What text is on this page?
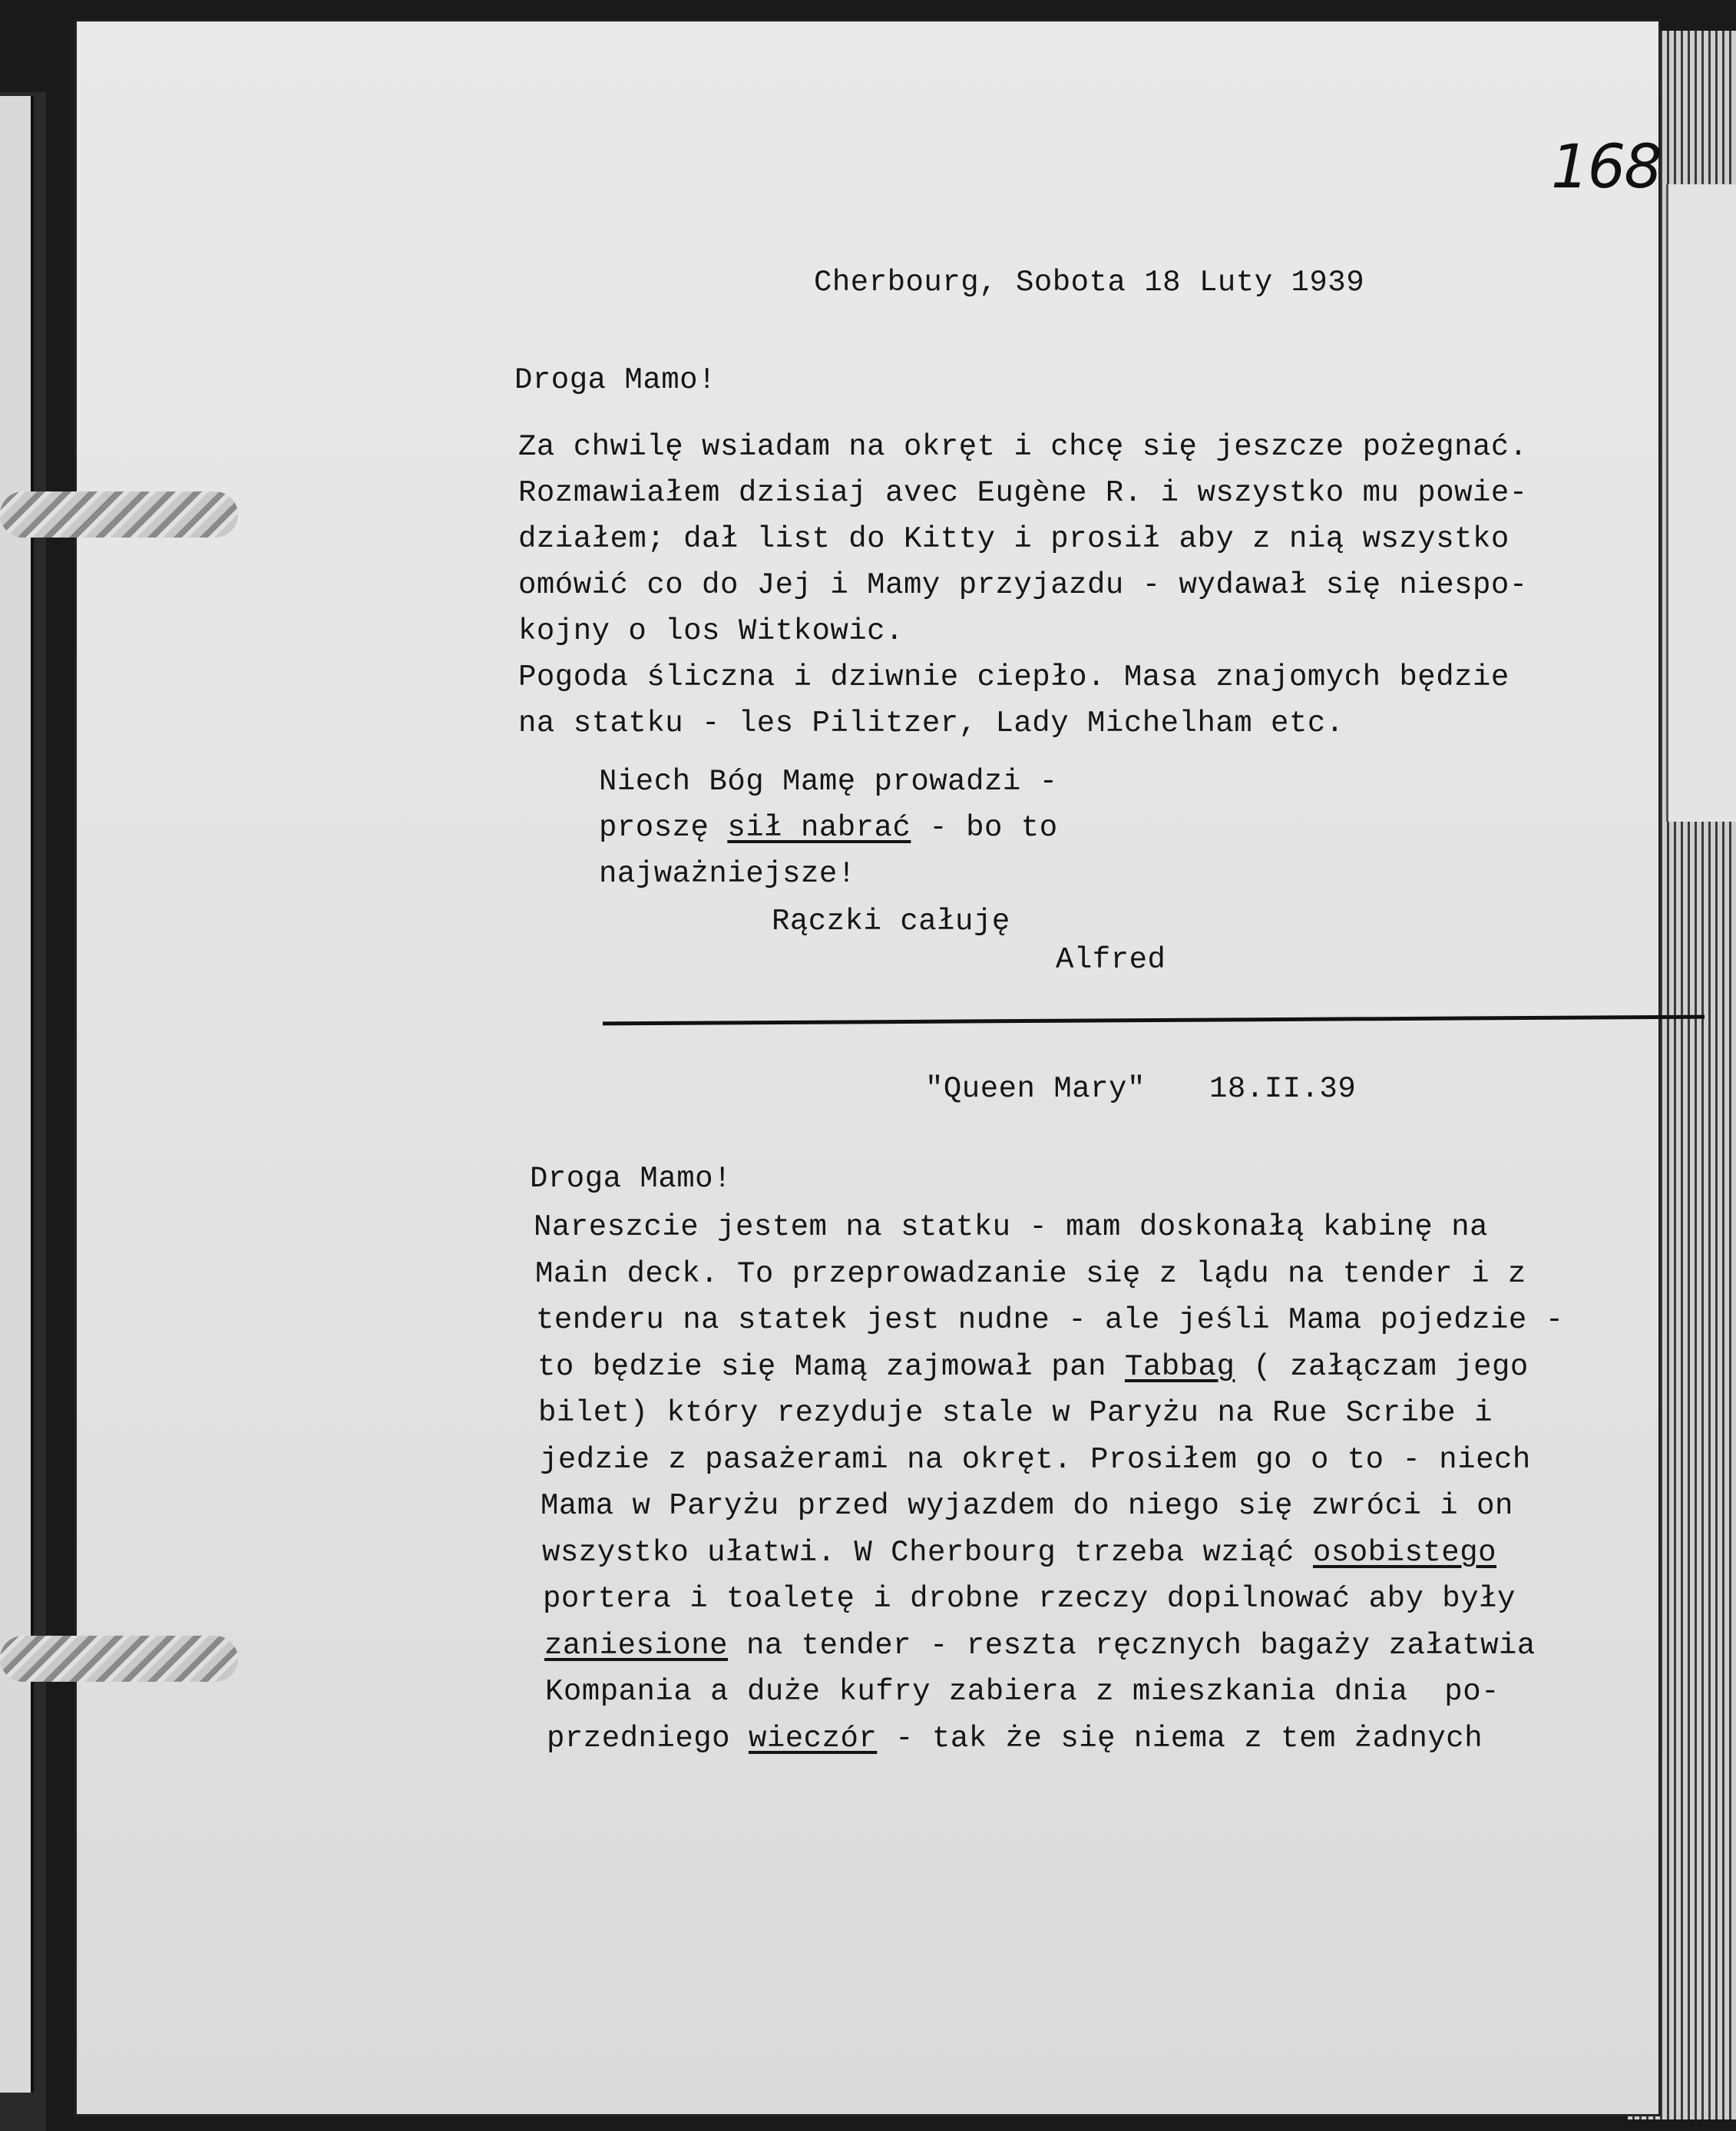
168
Cherbourg, Sobota 18 Luty 1939
Droga Mamo!
Za chwilę wsiadam na okręt i chcę się jeszcze pożegnać.
Rozmawiałem dzisiaj avec Eugène R. i wszystko mu powie-
działem; dał list do Kitty i prosił aby z nią wszystko
omówić co do Jej i Mamy przyjazdu - wydawał się niespo-
kojny o los Witkowic.
Pogoda śliczna i dziwnie ciepło. Masa znajomych będzie
na statku - les Pilitzer, Lady Michelham etc.
Niech Bóg Mamę prowadzi -
proszę sił nabrać - bo to
najważniejsze!
Rączki całuję
Alfred
"Queen Mary" 18.II.39
Droga Mamo!
Nareszcie jestem na statku - mam doskonałą kabinę na
Main deck. To przeprowadzanie się z lądu na tender i z
tenderu na statek jest nudne - ale jeśli Mama pojedzie -
to będzie się Mamą zajmował pan Tabbag ( załączam jego
bilet) który rezyduje stale w Paryżu na Rue Scribe i
jedzie z pasażerami na okręt. Prosiłem go o to - niech
Mama w Paryżu przed wyjazdem do niego się zwróci i on
wszystko ułatwi. W Cherbourg trzeba wziąć osobistego
portera i toaletę i drobne rzeczy dopilnować aby były
zaniesione na tender - reszta ręcznych bagaży załatwia
Kompania a duże kufry zabiera z mieszkania dnia  po-
przedniego wieczór - tak że się niema z tem żadnych
